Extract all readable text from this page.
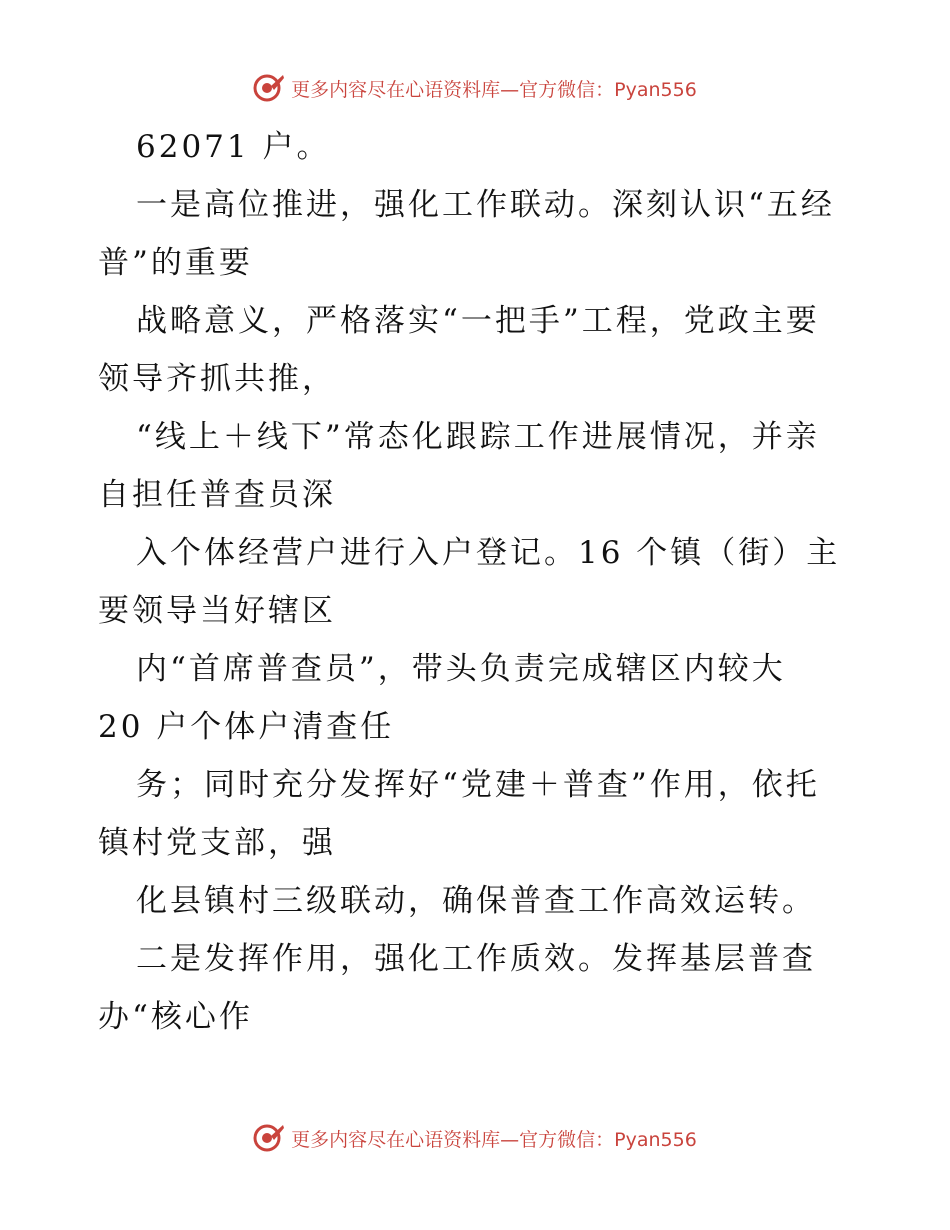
更多内容尽在心语资料库—官方微信：Pyan556
62071 户。
一是高位推进，强化工作联动。深刻认识“五经
普”的重要
战略意义，严格落实“一把手”工程，党政主要
领导齐抓共推，
“线上＋线下”常态化跟踪工作进展情况，并亲
自担任普查员深
入个体经营户进行入户登记。16 个镇（街）主
要领导当好辖区
内“首席普查员”，带头负责完成辖区内较大
20 户个体户清查任
务；同时充分发挥好“党建＋普查”作用，依托
镇村党支部，强
化县镇村三级联动，确保普查工作高效运转。
二是发挥作用，强化工作质效。发挥基层普查
办“核心作
更多内容尽在心语资料库—官方微信：Pyan556
